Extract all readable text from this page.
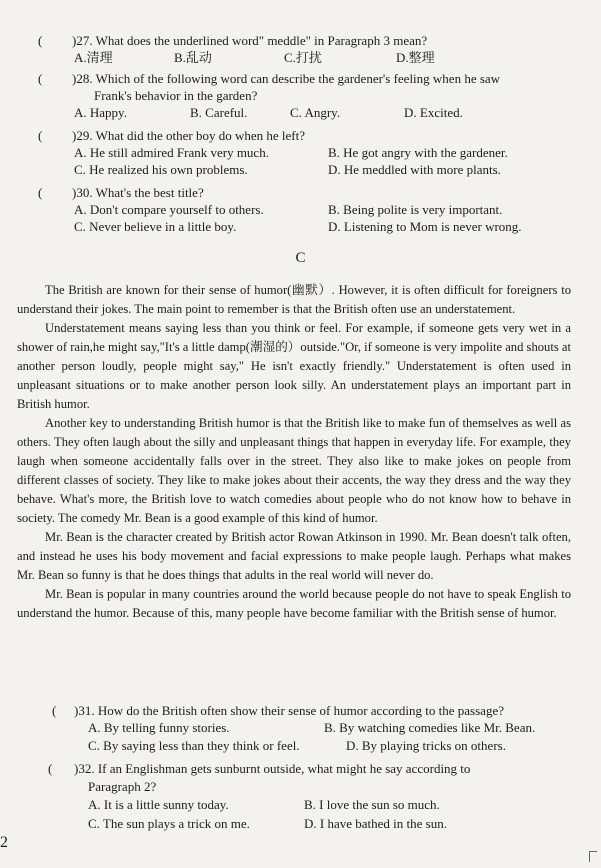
( )27. What does the underlined word" meddle" in Paragraph 3 mean?
A.清理	B.乱动	C.打扰	D.整理
( )28. Which of the following word can describe the gardener's feeling when he saw
Frank's behavior in the garden?
A. Happy.	B. Careful.	C. Angry.	D. Excited.
( )29. What did the other boy do when he left?
A. He still admired Frank very much.	B. He got angry with the gardener.
C. He realized his own problems.	D. He meddled with more plants.
( )30. What's the best title?
A. Don't compare yourself to others.	B. Being polite is very important.
C. Never believe in a little boy.	D. Listening to Mom is never wrong.
C

The British are known for their sense of humor(幽默）. However, it is often difficult for foreigners to understand their jokes. The main point to remember is that the British often use an understatement.

Understatement means saying less than you think or feel. For example, if someone gets very wet in a shower of rain,he might say,"It's a little damp(潮湿的）outside."Or, if someone is very impolite and shouts at another person loudly, people might say," He isn't exactly friendly." Understatement is often used in unpleasant situations or to make another person look silly. An understatement plays an important part in British humor.

Another key to understanding British humor is that the British like to make fun of themselves as well as others. They often laugh about the silly and unpleasant things that happen in everyday life. For example, they laugh when someone accidentally falls over in the street. They also like to make jokes on people from different classes of society. They like to make jokes about their accents, the way they dress and the way they behave. What's more, the British love to watch comedies about people who do not know how to behave in society. The comedy Mr. Bean is a good example of this kind of humor.

Mr. Bean is the character created by British actor Rowan Atkinson in 1990. Mr. Bean doesn't talk often, and instead he uses his body movement and facial expressions to make people laugh. Perhaps what makes Mr. Bean so funny is that he does things that adults in the real world will never do.

Mr. Bean is popular in many countries around the world because people do not have to speak English to understand the humor. Because of this, many people have become familiar with the British sense of humor.

( )31. How do the British often show their sense of humor according to the passage?
A. By telling funny stories.	B. By watching comedies like Mr. Bean.
C. By saying less than they think or feel.	D. By playing tricks on others.
( )32. If an Englishman gets sunburnt outside, what might he say according to
Paragraph 2?
A. It is a little sunny today.	B. I love the sun so much.
C. The sun plays a trick on me.	D. I have bathed in the sun.
2
